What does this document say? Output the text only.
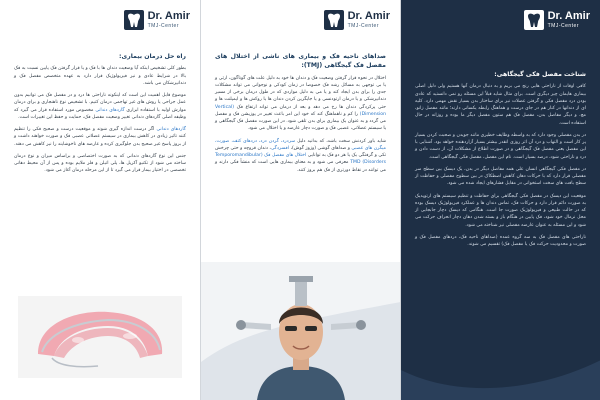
Dr. Amir
TMJ-Center

راه حل درمان بیماری:

بطور کلی تشخیص اینکه آیا وضعیت دندان ها با فک و یا قرار گرفتن فک پایین نسبت به فک بالا در شرایط عادی و نیز فیزیولوژیک قرار دارد به عهده متخصص مفصل فک و دندانپزشکان می باشد.

موضوع قابل اهمیت این است که اینکونه ناراحتی ها درد و در مفصل فک می توانیم بدون عمل جراحی یا روش های غیر تهاجمی درمان کنیم. با تشخیص نوع ناهنجاری و برای درمان موارش اولیه با استفاده ابزاری گاردهای دندانی مخصوص مورد استفاده قرار می گیرد که وظیفه اصلی گاردهای دندانی تغییر وضعیت مفصل فک، حمایت و حفظ این تغییرات است.

گاردهای دندانی اگر درست اندازه گیری شوند و موقعیت درست و صحیح فکی را تنظیم کنند تاثیر زیادی در کاهش بیماری در سیستم عضلانی عصبی فک و صورت خواهند داشت و از بروز پاسخ غیر صحیح بدن جلوگیری کرده و عارضه های ناخوشایند را نیز کاهش می دهند.

جنس این نوع گاردهای دندانی که به صورت اختصاصی و براساس میزان و نوع درمان ساخته می شود از تکنیو آکریل ها، پلی اتیلن و فلز ملایم بوده و پس از آن محیط دهانی تخصصی در اختیار بیمار قرار می گیرد تا از این مرحله درمان آغاز می شود.

Dr. Amir
TMJ-Center

صداهای ناحیه فک و بیماری های ناشی از اختلال های مفصل فک گیجگاهی (TMJ):

اختلال در نحوه قرار گرفتن وضعیت فک و دندان ها خود به دلیل علت های گوناگون، ارثی و یا بی توجهی به مسائل رشد فک خصوصا در زمان کودکی و نوجوانی می تواند مشکلات جدی را برای بدن ایجاد کند و یا می به دلیل مواردی که در طول درمان برخی از مسیر دندانپزشکی و یا درمان ارتودنسی و یا جایگزین کردن دندان ها یا روکش ها و ایمپلنت ها و حتی پرکردگی دندان ها رخ می دهد و بعد از درمان می تواند ارتفاع فک (Vertical Dimension) را کم و ناهماهنگ کند که خود این امر باعث تغییر در پوزیشن فک و مفصل می گردد و به عنوان یک بیماری برای بدن تلقی شود. در این صورت مفصل فک گیجگاهی و یا سیستم عضلانی، عصبی فک و صورت دچار عارضه و یا اختلال می شود.

شاید باور کردنش سخت باشد، که بدانید دلیل سردرد، گردن درد، دردهای کتف، صورت، میگرن های عصبی و صداهای گوشی (وزوز گوش)، افسردگی، دندان قروچه و حتی چرخش تکی و گرفتگی یک یا هر دو فک به توانایی اختلال های مفصل فک (Temporomandibular Disorders) TMD معرفی می شود و به معنای بیماری هایی است که منشأ فکی دارند و می توانند در نقاط دورتری از فک هم بروز کنند.

Dr. Amir
TMJ-Center

شناخت مفصل فکی گیجگاهی:

کافی اوقات از ناراحتی هایی رنج می بریم و به دنبال درمان آنها هستیم ولی دلیل اصلی بیماری هایمان چیز دیگری است. برای مثال شاید قبلاً این مسئله رو نمی دانستید که عادی بودن درد مفصل فکی و گرفتن عضلات نیز برای ساختار بدن بسیار نقش مهمی دارد. کلیه ای از دندانها در کنار هم در جای درست و هماهنگ رابطه یکسانی دارند؛ مانند مفصل زانو، مچ، و دیگر مفاصل بدن، مفصل فک هم ستون مفصل دیگر ما بوده و روزانه در حال استفاده است.

در بدن مفصلی وجود دارد که به واسطه وظایف خطیری مانند جویدن و صحبت کردن بسیار پر کار است و التهاب و درد آن اثر روزی انقدر بیشتر بسیار آزاردهنده خواهد بود. آشنایی با این مفصل یعنی مفصل فک گیجگاهی و در صورت اطلاع از مشکلات آن، از دست دادن و درد و ناراحتی شود، درصد بسیار است. نام این مفصل، مفصل فکی گیجگاهی است.

در مفصل فکی گیجگاهی انسان علی همه مفاصل دیگر در بدن، یک دیسک بین سطح سر مفصلی قرار دارد که با حرکات دهان کاهش اصطکاک در بین سطوح مفصلی و حفاظت از سطح بافت های سخت استخوانی در مقابل فشارهای ایجاد شده می شود.

موقعیت این دیسک در مفصل فکی گیجگاهی برای حفاظت و تنظیم سیستم های ارتوپدیک به صورت دائم قرار دارد و حرکات فک، تماس دندان ها و عملکرد فیزیولوژیک دیسک بوده که در حالت طبیعی و فیزیولوژیک صورت جا است. هنگامی که دیسک دچار جابجایی از محل نرمال خود شود، فک پایین در هنگام باز و بسته شدن دهان دچار انحراف حرکت می شود و این مسئله به عنوان عارضه مفصلی نیز شناخته می شود.

ناراحتی های مفصل فک به سه گروه عمده (صداهای ناحیه فک، دردهای مفصل فک و صورت و محدودیت حرکت فک یا مفصل فک) تقسیم می شوند.
